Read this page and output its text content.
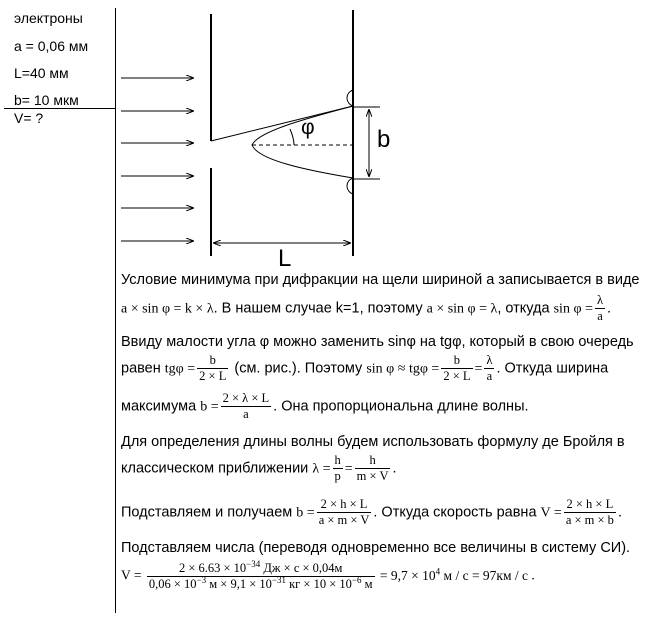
электроны
a = 0,06 мм
L=40 мм
b= 10 мкм
V= ?	φ	b
L
Условие минимума при дифракции на щели шириной а записывается в виде
a × sin φ = k × λ. В нашем случае k=1, поэтому a × sin φ = λ, откуда $\sin \varphi = \frac{\lambda}{a}$ .
Ввиду малости угла φ можно заменить sinφ на tgφ, который в свою очередь
равен $tg\varphi = \frac{b}{2 \times L} (см$. рис.). Поэтому $\sin \varphi \approx tg\varphi = \frac{b}{2 \times L} = \frac{\lambda}{a}$ . Откуда ширина
максимума $b = \frac{2 \times \lambda \times L}{a}$ . Она пропорциональна длине волны.
Для определения длины волны будем использовать формулу де Бройля в
классическом приближении $\lambda = \frac{h}{p} = \frac{h}{m \times V}$ .
Подставляем и получаем $b = \frac{2 \times h \times L}{a \times m \times V}$ . Откуда скорость равна $V = \frac{2 \times h \times L}{a \times m \times b}$ .
Подставляем числа (переводя одновременно все величины в систему СИ).
$V = \frac{2 \times 6.63 \times 10^{-34} Дж \times с \times 0,04м}{0,06 \times 10^{-3} м \times 9,1 \times 10^{-31} кг \times 10 \times 10^{-6} м} = 9,7 \times 10^4$ м / с = 97км / с .
